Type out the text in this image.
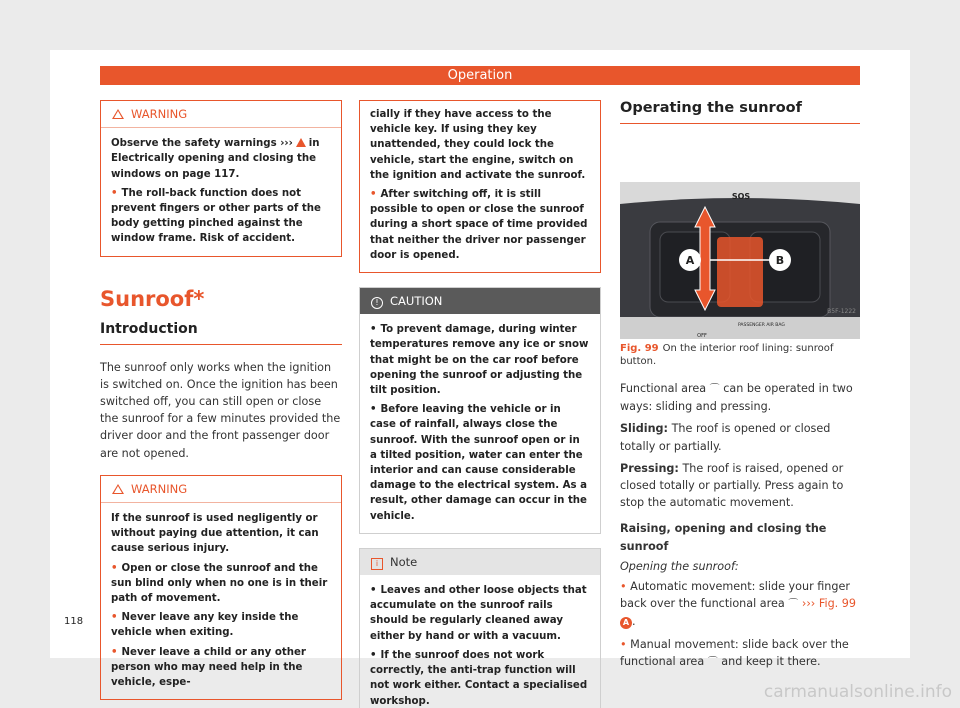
Operation
WARNING

Observe the safety warnings ››› in Electrically opening and closing the windows on page 117.

• The roll-back function does not prevent fingers or other parts of the body getting pinched against the window frame. Risk of accident.

Sunroof*
Introduction

The sunroof only works when the ignition is switched on. Once the ignition has been switched off, you can still open or close the sunroof for a few minutes provided the driver door and the front passenger door are not opened.

WARNING

If the sunroof is used negligently or without paying due attention, it can cause serious injury.

• Open or close the sunroof and the sun blind only when no one is in their path of movement.

• Never leave any key inside the vehicle when exiting.

• Never leave a child or any other person who may need help in the vehicle, espe-

cially if they have access to the vehicle key. If using they key unattended, they could lock the vehicle, start the engine, switch on the ignition and activate the sunroof.

• After switching off, it is still possible to open or close the sunroof during a short space of time provided that neither the driver nor passenger door is opened.

! CAUTION

• To prevent damage, during winter temperatures remove any ice or snow that might be on the car roof before opening the sunroof or adjusting the tilt position.

• Before leaving the vehicle or in case of rainfall, always close the sunroof. With the sunroof open or in a tilted position, water can enter the interior and can cause considerable damage to the electrical system. As a result, other damage can occur in the vehicle.

i Note

• Leaves and other loose objects that accumulate on the sunroof rails should be regularly cleaned away either by hand or with a vacuum.

• If the sunroof does not work correctly, the anti-trap function will not work either. Contact a specialised workshop.

Operating the sunroof
SOS
A	B
OFF
PASSENGER AIR BAG
B5F-1222

Fig. 99 On the interior roof lining: sunroof button.

Functional area ⌒ can be operated in two ways: sliding and pressing.

Sliding: The roof is opened or closed totally or partially.

Pressing: The roof is raised, opened or closed totally or partially. Press again to stop the automatic movement.

Raising, opening and closing the sunroof

Opening the sunroof:

• Automatic movement: slide your finger back over the functional area ⌒ ››› Fig. 99 A .

• Manual movement: slide back over the functional area ⌒ and keep it there.

118
carmanualsonline.info
